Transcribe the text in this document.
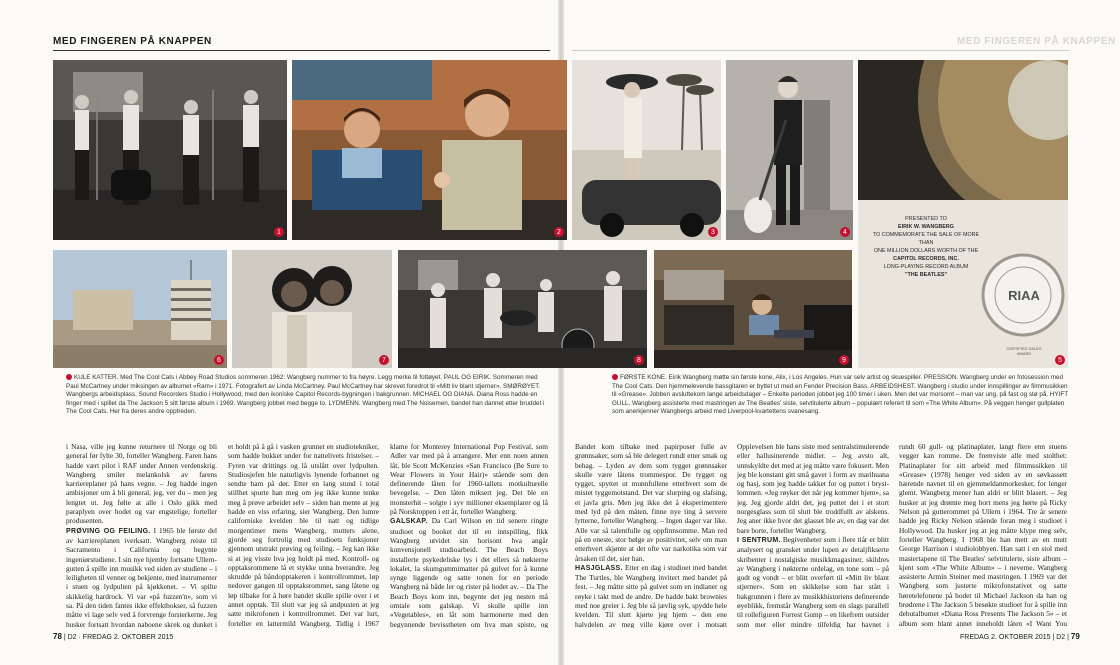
MED FINGEREN PÅ KNAPPEN	MED FINGEREN PÅ KNAPPEN
1	2	3	4
PRESENTED TO
EIRIK W. WANGBERG
TO COMMEMORATE THE SALE OF MORE THAN
ONE MILLION DOLLARS WORTH OF THE
CAPITOL RECORDS, INC.
LONG-PLAYING RECORD ALBUM
"THE BEATLES"
CERTIFIED SALES AWARD
RIAA
5
6	7	8	9
KULE KATTER. Med The Cool Cats i Abbey Road Studios sommeren 1962: Wangberg nummer to fra høyre. Legg merke til fottøyet. PAUL OG EIRIK. Sommeren med Paul McCartney under miksingen av albumet «Ram» i 1971. Fotografert av Linda McCartney. Paul McCartney har skrevet foredrot til «Mitt liv blant stjerner». SMØRØYET. Wangbergs arbeidsplass, Sound Recorders Studio i Hollywood, med den ikoniske Capitol Records-bygningen i bakgrunnen. MICHAEL OG DIANA. Diana Ross hadde en finger med i spillet da The Jackson 5 sitt første album i 1969. Wangberg jobbet med begge to. LYDMENN. Wangberg med The Noisemen, bandet han dannet etter bruddet i The Cool Cats. Her fra deres andre opptreden.
FØRSTE KONE. Eirik Wangberg møtte sin første kone, Alix, i Los Angeles. Hun var selv artist og skuespiller. PRESSION. Wangberg under en fotosession med The Cool Cats. Den hjemmelevende bassgitaren er byttet ut med en Fender Precision Bass. ARBEIDSHEST. Wangberg i studio under innspillinger av filmmusikken til «Grease». Jobben avsluttekom lange arbeidsdager – Enkelte perioden jobbet jeg 100 timer i uken. Men det var morsomt – man var ung, på fast og stø på. HYIFT GULL. Wangberg assisterte med mastringen av The Beatles' siste, selvtitulerte album – populært referert til som «The White Album». På veggen henger gullplaten som anerkjenner Wangbergs arbeid med Liverpool-kvartettens svanesang.

i Nasa, ville jeg kunne returnere til Norge og bli general før fylte 30, forteller Wangberg. Faren hans hadde vært pilot i RAF under Annen verdenskrig. Wangberg smiler melankolsk av farens karriereplaner på hans vegne. – Jeg hadde ingen ambisjoner om å bli general, jeg, ver du – men jeg lengtet ut. Jeg følte at alle i Oslo gikk med paraplyen over hodet og var engstelige, forteller produsenten.

PRØVING OG FEILING. I 1965 ble første del av karriereplanen iverksatt. Wangberg reiste til Sacramento i California og begynte ingeniørstudiene. I sin nye hjemby fortsatte Ullern-gutten å spille inn musikk ved siden av studiene – i leiligheten til venner og bekjente, med instrumenter i stuen og lydpulten på kjøkkenet. – Vi spilte skikkelig hardrock. Vi var «på fuzzen'n», som vi sa. På den tiden fantes ikke effektbokser, så fuzzen måtte vi lage selv ved å forvrenge forsterkerne. Jeg husker fortsatt hvordan naboene skrek og dunket i

et holdt på å gå i vasken grunnet en studiotekniker, som hadde bukket under for nattelivets fristelser. – Fyren var drittings og lå utslått over lydpulten. Studiosjefen ble naturligvis lynende forbannet og sendte ham på dør. Etter en lang stund i total stillhet spurte han meg om jeg ikke kunne tenke meg å prøve arbeidet selv – siden han mente at jeg hadde en viss erfaring, sier Wangberg. Den lumre californiske kvelden ble til natt og tidlige morgentimer mens Wangberg, mutters alene, gjorde seg fortrolig med studioets funksjoner gjennom utstrakt prøving og feiling. – Jeg kan ikke si at jeg visste hva jeg holdt på med. Kontroll- og opptaksrommene lå et stykke unna hverandre. Jeg skrudde på båndopptakeren i kontrollrommet, løp nedover gangen til opptaksrommet, sang låtene og løp tilbake for å høre bandet skulle spille over i et annet opptak. Til slutt var jeg så andpusten at jeg satte mikrofonen i kontrollrommet. Det var lurt, forteller en lattermild Wangberg. Tidlig i 1967

klame for Monterey International Pop Festival, som Adler var med på å arrangere. Mer enn noen annen låt, ble Scott McKenzies «San Francisco (Be Sure to Wear Flowers in Your Hair)» stående som den definerende låten for 1960-tallets motkulturelle bevegelse. – Den låten miksert jeg. Det ble en monsterhit – solgte i syv millioner eksemplarer og lå på Norsktoppen i ett år, forteller Wangberg.

GALSKAP. Da Carl Wilson en tid senere ringte studioet og booket det til en innspilling, fikk Wangberg utvidet sin horisont hva angår konvensjonell studioarbeid. The Beach Boys installerte psykedeliske lys i det ellers så nøkterne lokalet, la skumgummimatter på gulvet for å kunne synge liggende og satte tonen for en periode Wangberg nå både ler og rister på hodet av. – Da The Beach Boys kom inn, begynte det jeg nesten må omtale som galskap. Vi skulle spille inn «Vegetables», en låt som harmonerte med den begynnende bevisstheten om hva man spiste, og

Bandet kom tilbake med papirposer fulle av grønnsaker, som så ble delegert rundt etter smak og behag. – Lyden av dem som tygget grønnsaker skulle være låtens trommespor. De tygget og tygget, spyttet ut munnfullene etterhvert som de mistet tyggemotstand. Det var slurping og slafsing, et javla gris. Men jeg ikke det å eksperimentere med lyd på den måten, finne nye ting å servere lytterne, forteller Wangberg. – Ingen dager var like. Alle var så talentfulle og oppfinnsomme. Man red på en eneste, stor bølge av positivitet, selv om man etterhvert skjønte at det ofte var narkotika som var årsaken til det, sier han.

HASJGLASS. Etter en dag i studioet med bandet The Turtles, ble Wangberg invitert med bandet på fest. – Jeg måtte sitte på gulvet som en indianer og røyke i takt med de andre. De hadde bakt brownies med noe greier i. Jeg ble så jævlig syk, spydde hele kvelden. Til slutt kjørte jeg hjem – den ene halvdelen av meg ville kjøre over i motsatt

Opplevelsen ble hans siste med sentralstimulerende eller hallusinerende midler. – Jeg avsto alt, unnskyldte det med at jeg måtte være fokusert. Men jeg ble konstant gitt små gaver i form av marihuana og hasj, som jeg hadde takket for og puttet i brystlommen. «Jeg røyker det når jeg kommer hjem», sa jeg. Jeg gjorde aldri det, jeg puttet det i et stort norgesglass som til slutt ble troddfullt av alskens. Jeg aner ikke hvor det glasset ble av, en dag var det bare borte, forteller Wangberg.

I SENTRUM. Begivenheter som i flere tiår er blitt analysert og gransket under lupen av detaljfikserte skribenter i nostalgiske musikkmagasiner, skildres av Wangberg i nøkterne ordelag, en tone som – på godt og vondt – er blitt overført til «Mitt liv blant stjerner». Som en skikkelse som har stått i bakgrunnen i flere av musikkhistoriens definerende øyeblikk, fremstår Wangberg som en slags parallell til rollefiguren Forrest Gump – en likefrem outsider som mer eller mindre tilfeldig har havnet i

rundt 60 gull- og platinaplater, langt flere enn stuens vegger kan romme. De fremviste alle med stolthet: Platinaplater for sitt arbeid med filmmusikken til «Grease» (1978) henger ved siden av en søvkassett hærende navnet til en gjemmeldanmorkesker, for lenger glemt. Wangberg mener han aldri er blitt blasert. – Jeg husker at jeg drømte meg bort mens jeg hørte på Ricky Nelson på gutterommet på Ullern i 1964. Tre år senere hadde jeg Ricky Nelson stående foran meg i studioet i Hollywood. Da husker jeg at jeg måtte klype meg selv, forteller Wangberg. I 1968 ble han mett av en mutt George Harrison i studiolobbyen. Han satt i en stol med mastertapene til The Beatles' selvtitulerte, siste album – kjent som «The White Album» – i neveme. Wangberg assisterte Armin Steiner med mastringen. I 1969 var det Wangberg som justerte mikrofonstativet og satte høretelefonene på hodet til Michael Jackson da han og brødrene i The Jackson 5 besøkte studioet for å spille inn debutalbumet «Diana Ross Presents The Jackson 5» – et album som blant annet inneholdt låten «I Want You

78 | D2 · FREDAG 2. OKTOBER 2015	FREDAG 2. OKTOBER 2015 | D2 | 79
